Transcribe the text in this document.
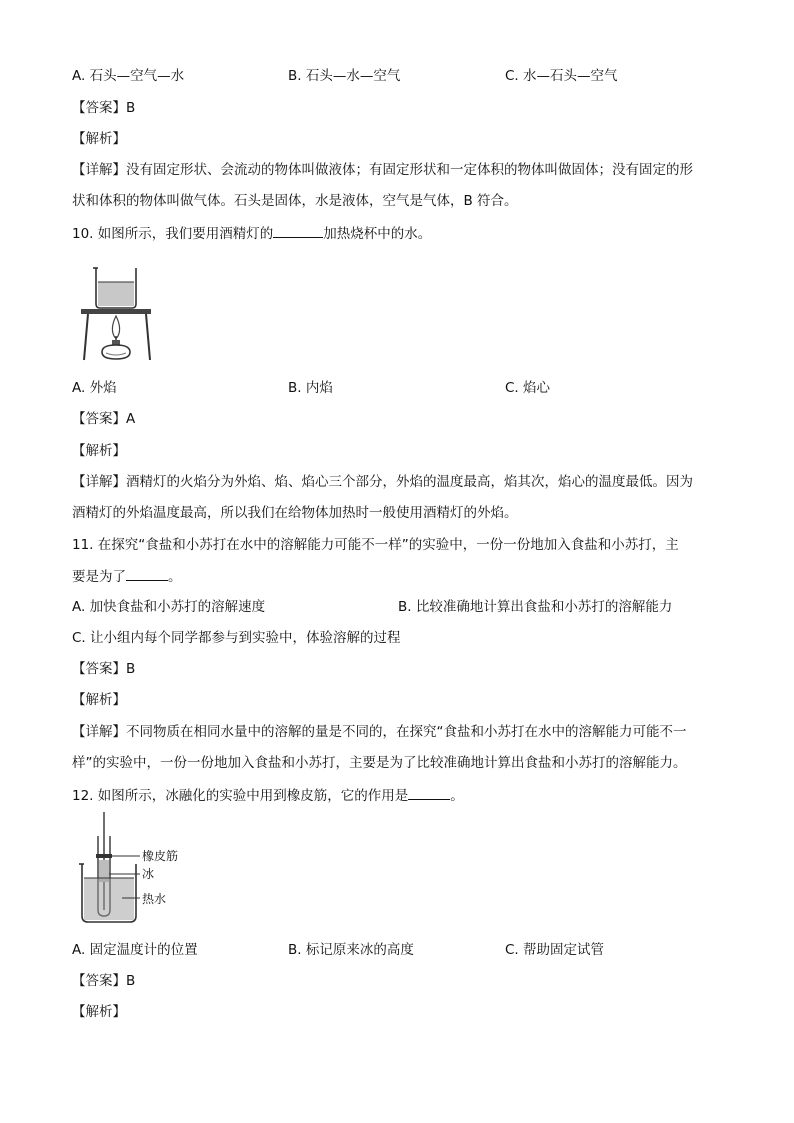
A. 石头—空气—水	B. 石头—水—空气	C. 水—石头—空气
【答案】B
【解析】
【详解】没有固定形状、会流动的物体叫做液体；有固定形状和一定体积的物体叫做固体；没有固定的形
状和体积的物体叫做气体。石头是固体，水是液体，空气是气体，B 符合。
10. 如图所示，我们要用酒精灯的	加热烧杯中的水。
A. 外焰	B. 内焰	C. 焰心
【答案】A
【解析】
【详解】酒精灯的火焰分为外焰、焰、焰心三个部分，外焰的温度最高，焰其次，焰心的温度最低。因为
酒精灯的外焰温度最高，所以我们在给物体加热时一般使用酒精灯的外焰。
11. 在探究“食盐和小苏打在水中的溶解能力可能不一样”的实验中，一份一份地加入食盐和小苏打，主
要是为了	。
A. 加快食盐和小苏打的溶解速度	B. 比较准确地计算出食盐和小苏打的溶解能力
C. 让小组内每个同学都参与到实验中，体验溶解的过程
【答案】B
【解析】
【详解】不同物质在相同水量中的溶解的量是不同的，在探究“食盐和小苏打在水中的溶解能力可能不一
样”的实验中，一份一份地加入食盐和小苏打，主要是为了比较准确地计算出食盐和小苏打的溶解能力。
12. 如图所示，冰融化的实验中用到橡皮筋，它的作用是	。
橡皮筋
冰
热水
A. 固定温度计的位置	B. 标记原来冰的高度	C. 帮助固定试管
【答案】B
【解析】
